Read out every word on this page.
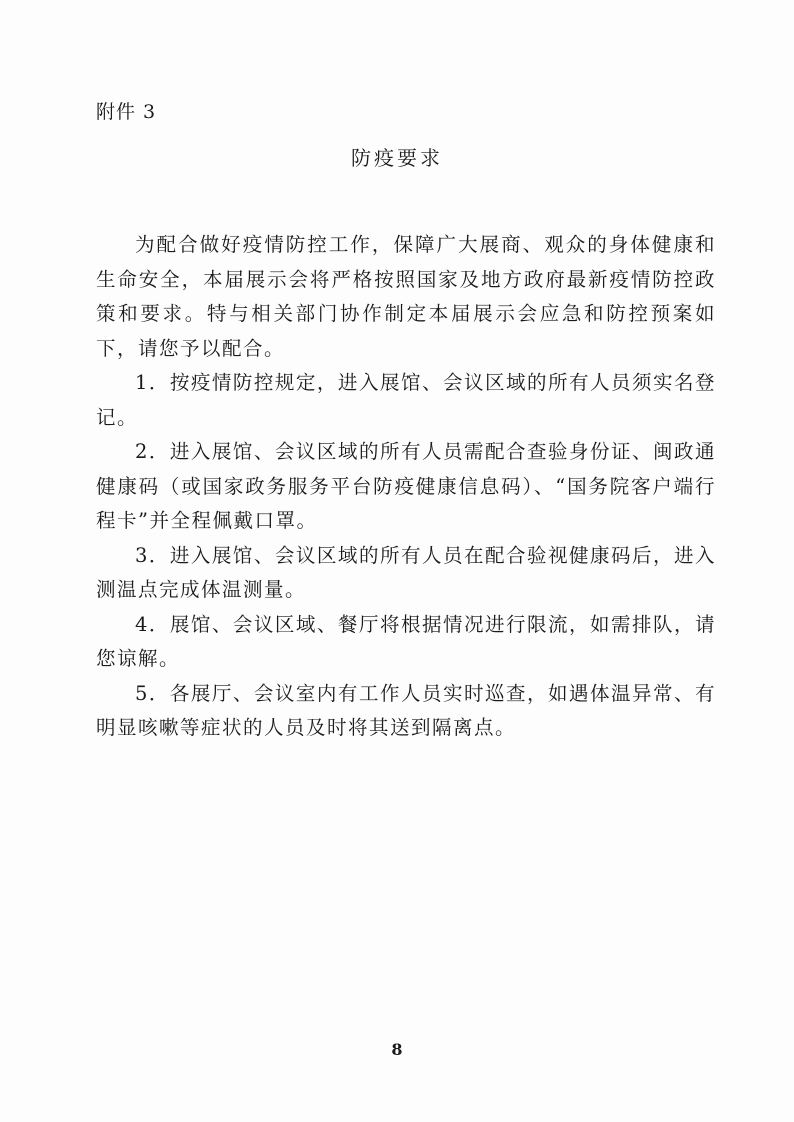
附件 3
防疫要求

为配合做好疫情防控工作，保障广大展商、观众的身体健康和生命安全，本届展示会将严格按照国家及地方政府最新疫情防控政策和要求。特与相关部门协作制定本届展示会应急和防控预案如下，请您予以配合。

1．按疫情防控规定，进入展馆、会议区域的所有人员须实名登记。

2．进入展馆、会议区域的所有人员需配合查验身份证、闽政通健康码（或国家政务服务平台防疫健康信息码）、“国务院客户端行程卡”并全程佩戴口罩。

3．进入展馆、会议区域的所有人员在配合验视健康码后，进入测温点完成体温测量。

4．展馆、会议区域、餐厅将根据情况进行限流，如需排队，请您谅解。

5．各展厅、会议室内有工作人员实时巡查，如遇体温异常、有明显咳嗽等症状的人员及时将其送到隔离点。

8
